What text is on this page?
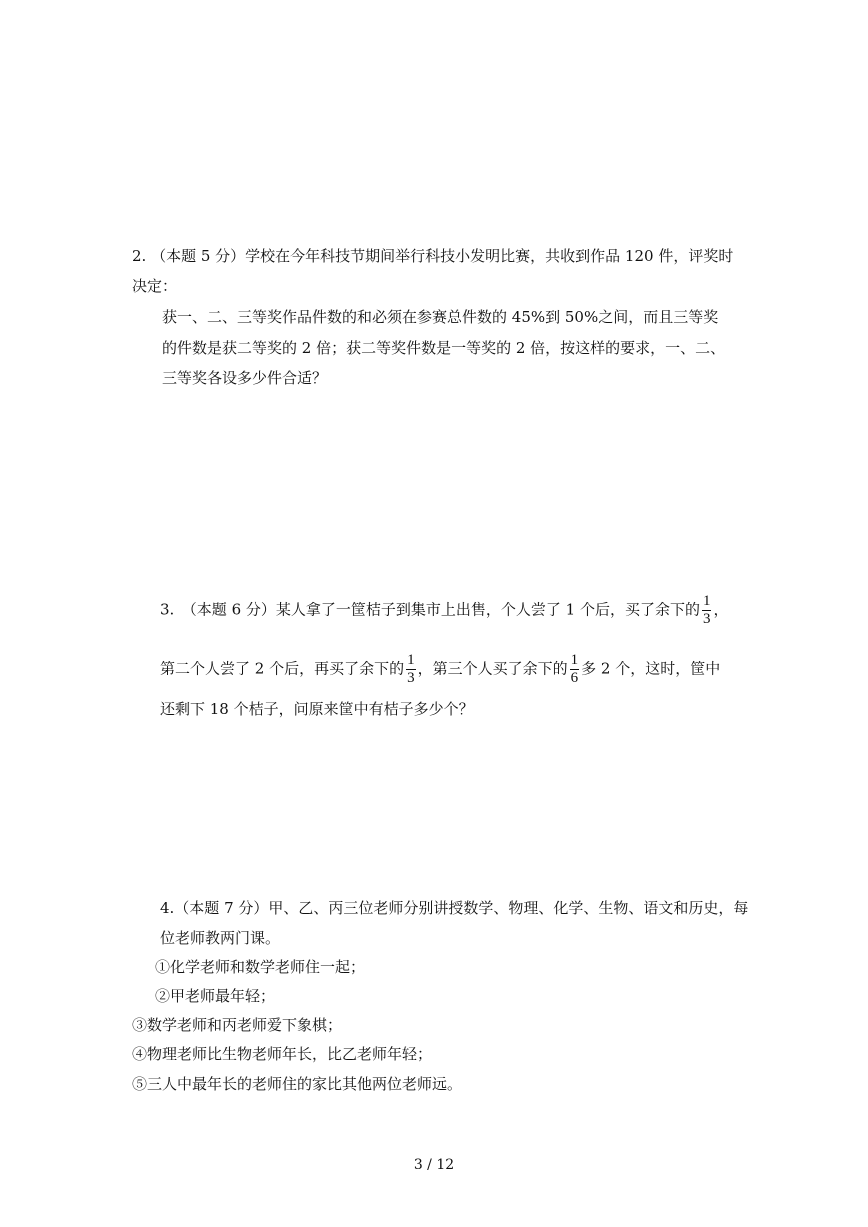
2. （本题 5 分）学校在今年科技节期间举行科技小发明比赛，共收到作品 120 件，评奖时
决定：
获一、二、三等奖作品件数的和必须在参赛总件数的 45%到 50%之间，而且三等奖
的件数是获二等奖的 2 倍；获二等奖件数是一等奖的 2 倍，按这样的要求，一、二、
三等奖各设多少件合适？
3.　（本题 6 分）某人拿了一筐桔子到集市上出售，个人尝了 1 个后，买了余下的 $\frac{1}{3}$ ，
第二个人尝了 2 个后，再买了余下的 $\frac{1}{3}$ ，第三个人买了余下的 $\frac{1}{6}$ 多 2 个，这时，筐中
还剩下 18 个桔子，问原来筐中有桔子多少个？
4.（本题 7 分）甲、乙、丙三位老师分别讲授数学、物理、化学、生物、语文和历史，每
位老师教两门课。
①化学老师和数学老师住一起；
②甲老师最年轻；
③数学老师和丙老师爱下象棋；
④物理老师比生物老师年长，比乙老师年轻；
⑤三人中最年长的老师住的家比其他两位老师远。
3 / 12
